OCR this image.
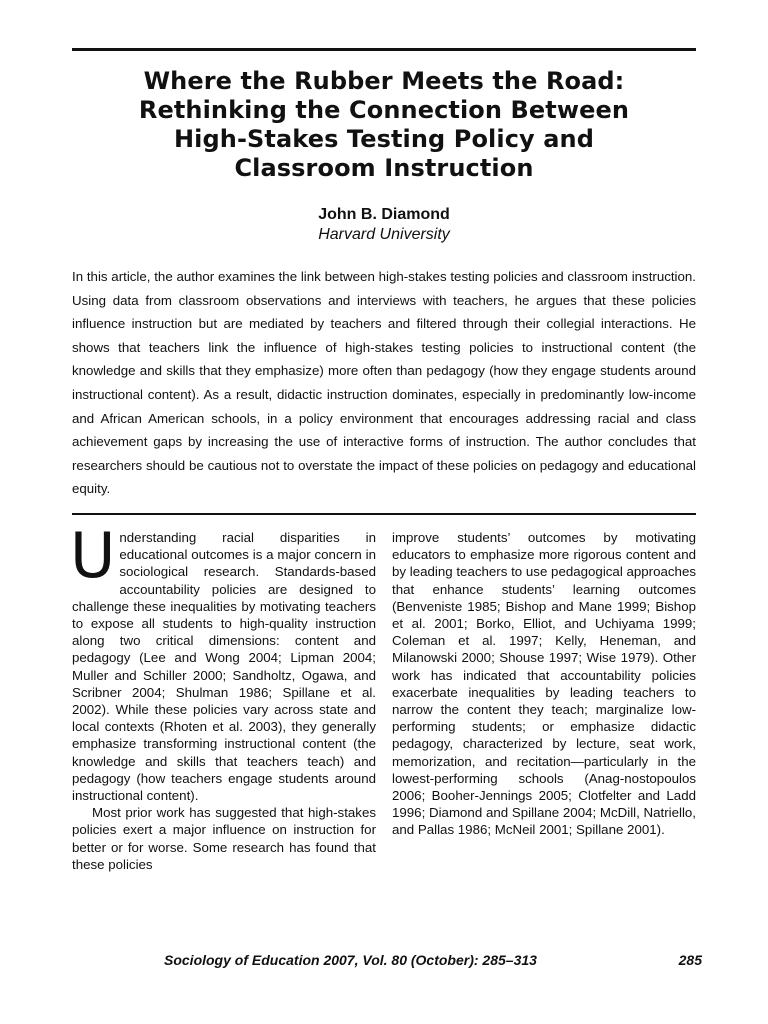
Where the Rubber Meets the Road:
Rethinking the Connection Between
High-Stakes Testing Policy and
Classroom Instruction
John B. Diamond
Harvard University
In this article, the author examines the link between high-stakes testing policies and classroom instruction. Using data from classroom observations and interviews with teachers, he argues that these policies influence instruction but are mediated by teachers and filtered through their collegial interactions. He shows that teachers link the influence of high-stakes testing policies to instructional content (the knowledge and skills that they emphasize) more often than pedagogy (how they engage students around instructional content). As a result, didactic instruction dominates, especially in predominantly low-income and African American schools, in a policy environment that encourages addressing racial and class achievement gaps by increasing the use of interactive forms of instruction. The author concludes that researchers should be cautious not to overstate the impact of these policies on pedagogy and educational equity.

Understanding racial disparities in educational outcomes is a major concern in sociological research. Standards-based accountability policies are designed to challenge these inequalities by motivating teachers to expose all students to high-quality instruction along two critical dimensions: content and pedagogy (Lee and Wong 2004; Lipman 2004; Muller and Schiller 2000; Sandholtz, Ogawa, and Scribner 2004; Shulman 1986; Spillane et al. 2002). While these policies vary across state and local contexts (Rhoten et al. 2003), they generally emphasize transforming instructional content (the knowledge and skills that teachers teach) and pedagogy (how teachers engage students around instructional content).

Most prior work has suggested that high-stakes policies exert a major influence on instruction for better or for worse. Some research has found that these policies

improve students’ outcomes by motivating educators to emphasize more rigorous content and by leading teachers to use pedagogical approaches that enhance students’ learning outcomes (Benveniste 1985; Bishop and Mane 1999; Bishop et al. 2001; Borko, Elliot, and Uchiyama 1999; Coleman et al. 1997; Kelly, Heneman, and Milanowski 2000; Shouse 1997; Wise 1979). Other work has indicated that accountability policies exacerbate inequalities by leading teachers to narrow the content they teach; marginalize low-performing students; or emphasize didactic pedagogy, characterized by lecture, seat work, memorization, and recitation—particularly in the lowest-performing schools (Anag-nostopoulos 2006; Booher-Jennings 2005; Clotfelter and Ladd 1996; Diamond and Spillane 2004; McDill, Natriello, and Pallas 1986; McNeil 2001; Spillane 2001).

Sociology of Education 2007, Vol. 80 (October): 285–313	285
